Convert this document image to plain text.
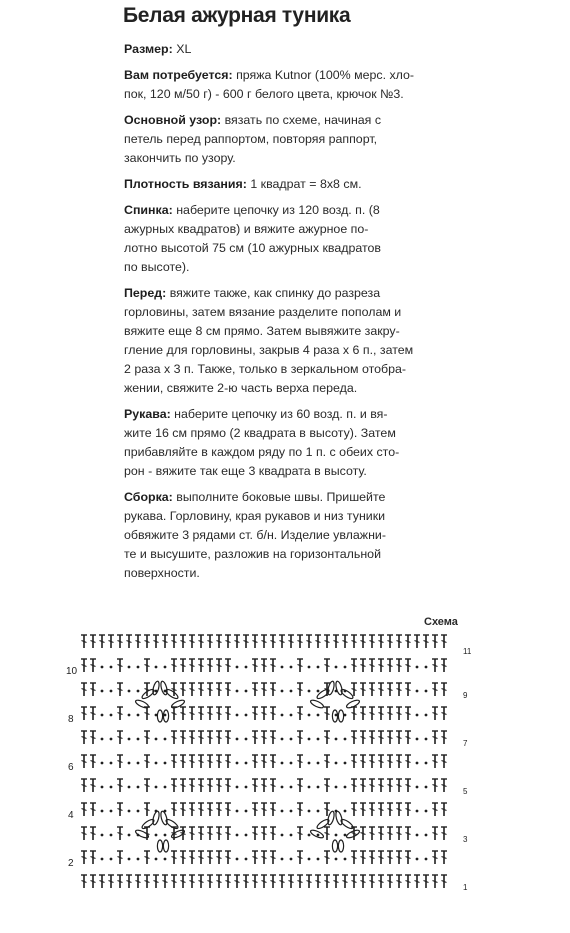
Белая ажурная туника

Размер: XL

Вам потребуется: пряжа Kutnor (100% мерс. хло-
пок, 120 м/50 г) - 600 г белого цвета, крючок №3.

Основной узор: вязать по схеме, начиная с
петель перед раппортом, повторяя раппорт,
закончить по узору.

Плотность вязания: 1 квадрат = 8х8 см.

Спинка: наберите цепочку из 120 возд. п. (8
ажурных квадратов) и вяжите ажурное по-
лотно высотой 75 см (10 ажурных квадратов
по высоте).

Перед: вяжите также, как спинку до разреза
горловины, затем вязание разделите пополам и
вяжите еще 8 см прямо. Затем вывяжите закру-
гление для горловины, закрыв 4 раза х 6 п., затем
2 раза х 3 п. Также, только в зеркальном отобра-
жении, свяжите 2-ю часть верха переда.

Рукава: наберите цепочку из 60 возд. п. и вя-
жите 16 см прямо (2 квадрата в высоту). Затем
прибавляйте в каждом ряду по 1 п. с обеих сто-
рон - вяжите так еще 3 квадрата в высоту.

Сборка: выполните боковые швы. Пришейте
рукава. Горловину, края рукавов и низ туники
обвяжите 3 рядами ст. б/н. Изделие увлажни-
те и высушите, разложив на горизонтальной
поверхности.

Схема
10
8
6
4
2
11
9
7
5
3
1
